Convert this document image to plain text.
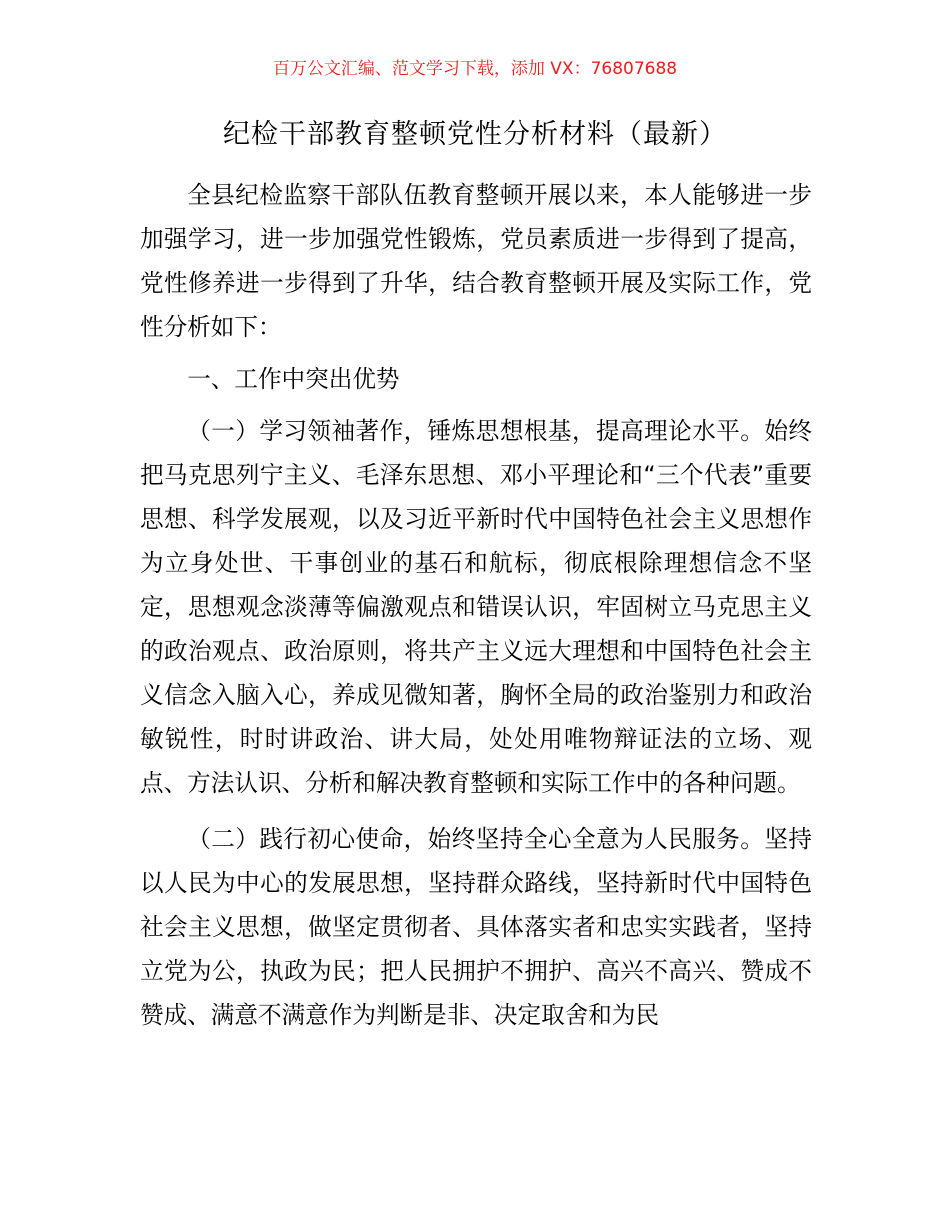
百万公文汇编、范文学习下载，添加 VX：76807688
纪检干部教育整顿党性分析材料（最新）

全县纪检监察干部队伍教育整顿开展以来，本人能够进一步加强学习，进一步加强党性锻炼，党员素质进一步得到了提高，党性修养进一步得到了升华，结合教育整顿开展及实际工作，党性分析如下：

一、工作中突出优势

（一）学习领袖著作，锤炼思想根基，提高理论水平。始终把马克思列宁主义、毛泽东思想、邓小平理论和“三个代表”重要思想、科学发展观，以及习近平新时代中国特色社会主义思想作为立身处世、干事创业的基石和航标，彻底根除理想信念不坚定，思想观念淡薄等偏激观点和错误认识，牢固树立马克思主义的政治观点、政治原则，将共产主义远大理想和中国特色社会主义信念入脑入心，养成见微知著，胸怀全局的政治鉴别力和政治敏锐性，时时讲政治、讲大局，处处用唯物辩证法的立场、观点、方法认识、分析和解决教育整顿和实际工作中的各种问题。

（二）践行初心使命，始终坚持全心全意为人民服务。坚持以人民为中心的发展思想，坚持群众路线，坚持新时代中国特色社会主义思想，做坚定贯彻者、具体落实者和忠实实践者，坚持立党为公，执政为民；把人民拥护不拥护、高兴不高兴、赞成不赞成、满意不满意作为判断是非、决定取舍和为民
